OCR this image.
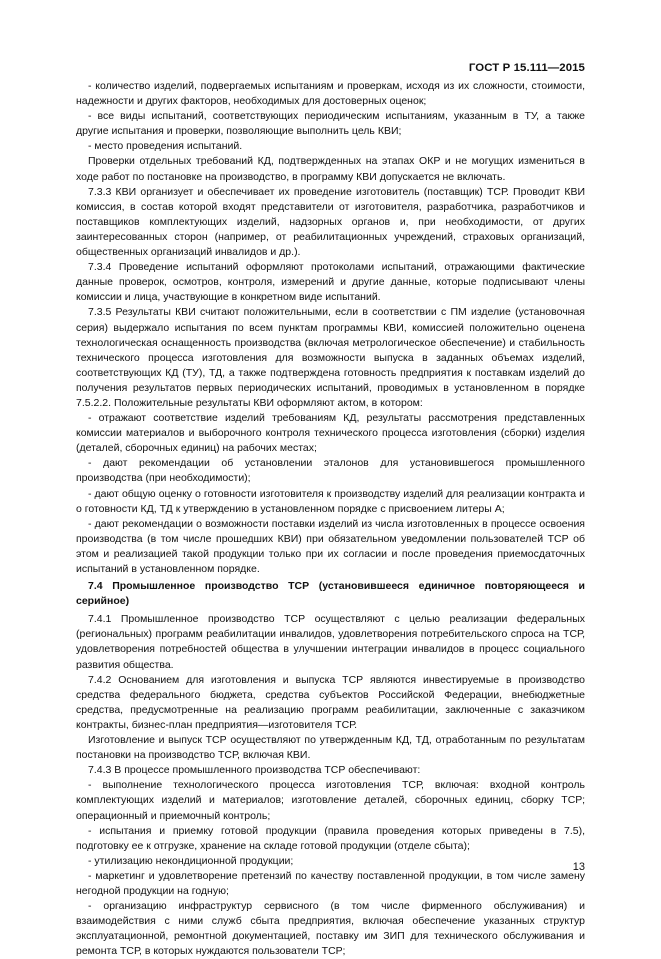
ГОСТ Р 15.111—2015

- количество изделий, подвергаемых испытаниям и проверкам, исходя из их сложности, стоимости, надежности и других факторов, необходимых для достоверных оценок;

- все виды испытаний, соответствующих периодическим испытаниям, указанным в ТУ, а также другие испытания и проверки, позволяющие выполнить цель КВИ;

- место проведения испытаний.

Проверки отдельных требований КД, подтвержденных на этапах ОКР и не могущих измениться в ходе работ по постановке на производство, в программу КВИ допускается не включать.

7.3.3 КВИ организует и обеспечивает их проведение изготовитель (поставщик) ТСР. Проводит КВИ комиссия, в состав которой входят представители от изготовителя, разработчика, разработчиков и поставщиков комплектующих изделий, надзорных органов и, при необходимости, от других заинтересованных сторон (например, от реабилитационных учреждений, страховых организаций, общественных организаций инвалидов и др.).

7.3.4 Проведение испытаний оформляют протоколами испытаний, отражающими фактические данные проверок, осмотров, контроля, измерений и другие данные, которые подписывают члены комиссии и лица, участвующие в конкретном виде испытаний.

7.3.5 Результаты КВИ считают положительными, если в соответствии с ПМ изделие (установочная серия) выдержало испытания по всем пунктам программы КВИ, комиссией положительно оценена технологическая оснащенность производства (включая метрологическое обеспечение) и стабильность технического процесса изготовления для возможности выпуска в заданных объемах изделий, соответствующих КД (ТУ), ТД, а также подтверждена готовность предприятия к поставкам изделий до получения результатов первых периодических испытаний, проводимых в установленном в порядке 7.5.2.2. Положительные результаты КВИ оформляют актом, в котором:

- отражают соответствие изделий требованиям КД, результаты рассмотрения представленных комиссии материалов и выборочного контроля технического процесса изготовления (сборки) изделия (деталей, сборочных единиц) на рабочих местах;

- дают рекомендации об установлении эталонов для установившегося промышленного производства (при необходимости);

- дают общую оценку о готовности изготовителя к производству изделий для реализации контракта и о готовности КД, ТД к утверждению в установленном порядке с присвоением литеры А;

- дают рекомендации о возможности поставки изделий из числа изготовленных в процессе освоения производства (в том числе прошедших КВИ) при обязательном уведомлении пользователей ТСР об этом и реализацией такой продукции только при их согласии и после проведения приемосдаточных испытаний в установленном порядке.

7.4 Промышленное производство ТСР (установившееся единичное повторяющееся и серийное)

7.4.1 Промышленное производство ТСР осуществляют с целью реализации федеральных (региональных) программ реабилитации инвалидов, удовлетворения потребительского спроса на ТСР, удовлетворения потребностей общества в улучшении интеграции инвалидов в процесс социального развития общества.

7.4.2 Основанием для изготовления и выпуска ТСР являются инвестируемые в производство средства федерального бюджета, средства субъектов Российской Федерации, внебюджетные средства, предусмотренные на реализацию программ реабилитации, заключенные с заказчиком контракты, бизнес-план предприятия—изготовителя ТСР.

Изготовление и выпуск ТСР осуществляют по утвержденным КД, ТД, отработанным по результатам постановки на производство ТСР, включая КВИ.

7.4.3 В процессе промышленного производства ТСР обеспечивают:

- выполнение технологического процесса изготовления ТСР, включая: входной контроль комплектующих изделий и материалов; изготовление деталей, сборочных единиц, сборку ТСР; операционный и приемочный контроль;

- испытания и приемку готовой продукции (правила проведения которых приведены в 7.5), подготовку ее к отгрузке, хранение на складе готовой продукции (отделе сбыта);

- утилизацию некондиционной продукции;

- маркетинг и удовлетворение претензий по качеству поставленной продукции, в том числе замену негодной продукции на годную;

- организацию инфраструктур сервисного (в том числе фирменного обслуживания) и взаимодействия с ними служб сбыта предприятия, включая обеспечение указанных структур эксплуатационной, ремонтной документацией, поставку им ЗИП для технического обслуживания и ремонта ТСР, в которых нуждаются пользователи ТСР;

13
